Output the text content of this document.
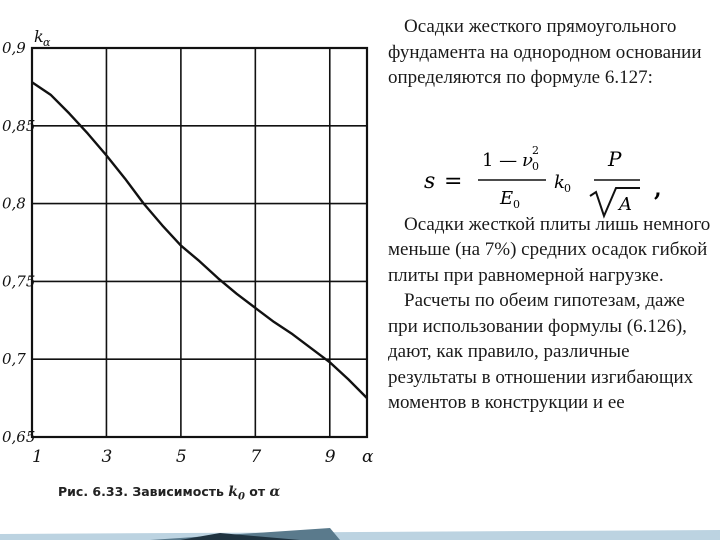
0,9
0,85
0,8
0,75
0,7
0,65
1	3	5	7	9 α
k α
Рис. 6.33. Зависимость $k_0$ от α

Осадки жесткого прямоугольного фундамента на однородном основании определяются по формуле 6.127:

Осадки жесткой плиты лишь немного меньше (на 7%) средних осадок гибкой плиты при равномерной нагрузке.

Расчеты по обеим гипотезам, даже при использовании формулы (6.126), дают, как правило, различные результаты в отношении изгибающих моментов в конструкции и ее

s =
1 — ν 0
2
E 0
k 0
P
A
,
